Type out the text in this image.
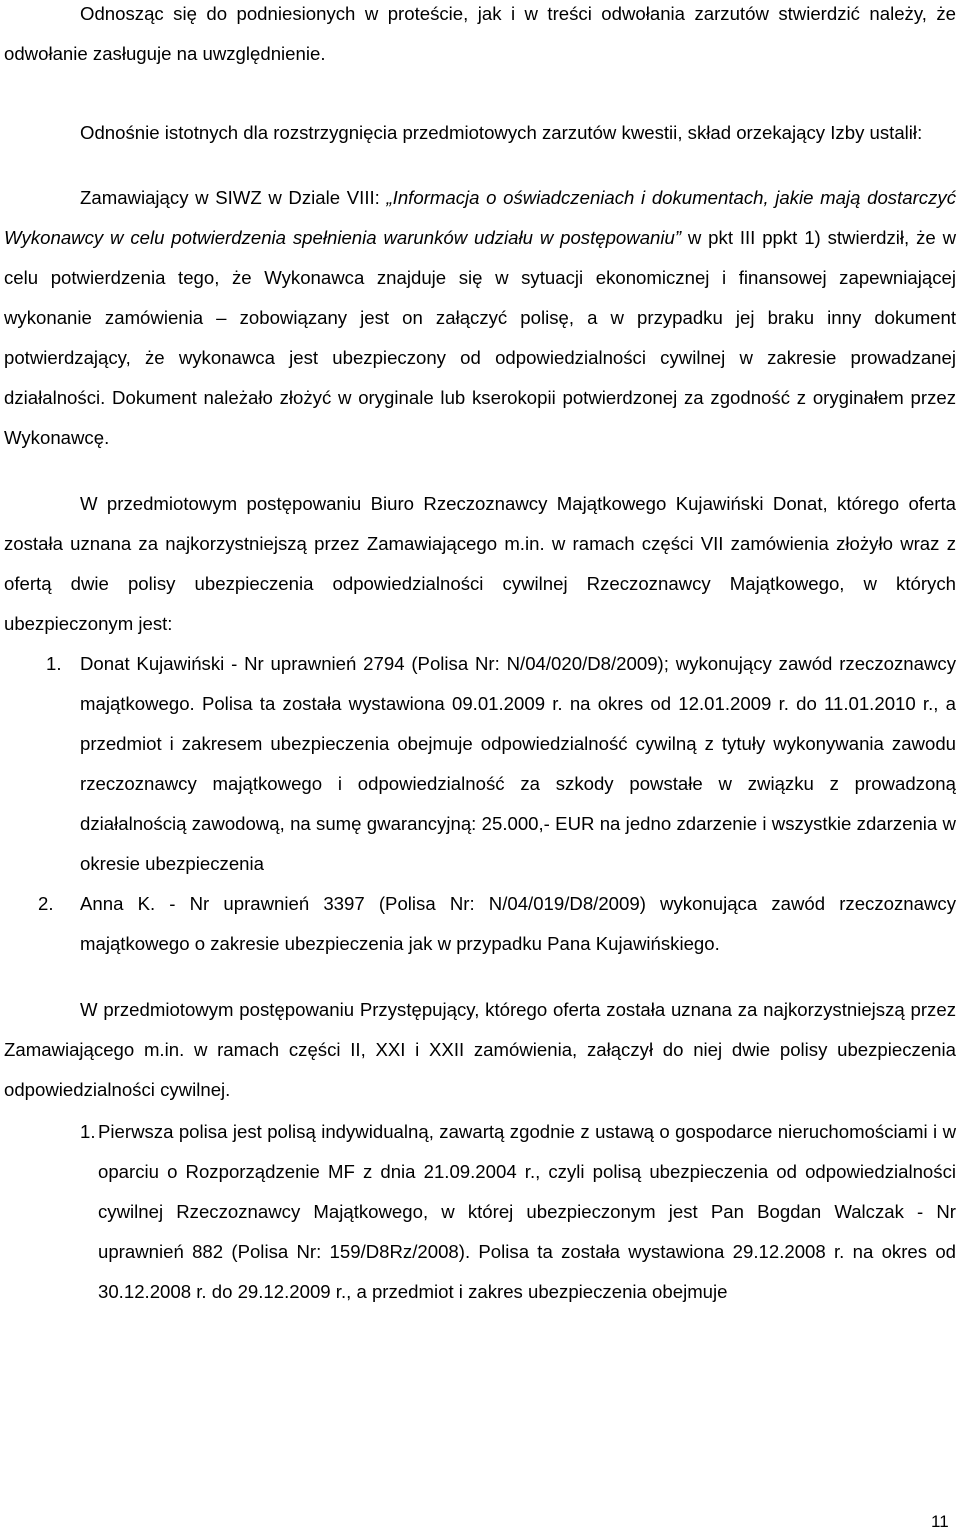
Odnosząc się do podniesionych w proteście, jak i w treści odwołania zarzutów stwierdzić należy, że odwołanie zasługuje na uwzględnienie.

Odnośnie istotnych dla rozstrzygnięcia przedmiotowych zarzutów kwestii, skład orzekający Izby ustalił:

Zamawiający w SIWZ w Dziale VIII: „Informacja o oświadczeniach i dokumentach, jakie mają dostarczyć Wykonawcy w celu potwierdzenia spełnienia warunków udziału w postępowaniu” w pkt III ppkt 1) stwierdził, że w celu potwierdzenia tego, że Wykonawca znajduje się w sytuacji ekonomicznej i finansowej zapewniającej wykonanie zamówienia – zobowiązany jest on załączyć polisę, a w przypadku jej braku inny dokument potwierdzający, że wykonawca jest ubezpieczony od odpowiedzialności cywilnej w zakresie prowadzanej działalności. Dokument należało złożyć w oryginale lub kserokopii potwierdzonej za zgodność z oryginałem przez Wykonawcę.

W przedmiotowym postępowaniu Biuro Rzeczoznawcy Majątkowego Kujawiński Donat, którego oferta została uznana za najkorzystniejszą przez Zamawiającego m.in. w ramach części VII zamówienia złożyło wraz z ofertą dwie polisy ubezpieczenia odpowiedzialności cywilnej Rzeczoznawcy Majątkowego, w których ubezpieczonym jest:

1. Donat Kujawiński - Nr uprawnień 2794 (Polisa Nr: N/04/020/D8/2009); wykonujący zawód rzeczoznawcy majątkowego. Polisa ta została wystawiona 09.01.2009 r. na okres od 12.01.2009 r. do 11.01.2010 r., a przedmiot i zakresem ubezpieczenia obejmuje odpowiedzialność cywilną z tytuły wykonywania zawodu rzeczoznawcy majątkowego i odpowiedzialność za szkody powstałe w związku z prowadzoną działalnością zawodową, na sumę gwarancyjną: 25.000,- EUR na jedno zdarzenie i wszystkie zdarzenia w okresie ubezpieczenia
2. Anna K. - Nr uprawnień 3397 (Polisa Nr: N/04/019/D8/2009) wykonująca zawód rzeczoznawcy majątkowego o zakresie ubezpieczenia jak w przypadku Pana Kujawińskiego.

W przedmiotowym postępowaniu Przystępujący, którego oferta została uznana za najkorzystniejszą przez Zamawiającego m.in. w ramach części II, XXI i XXII zamówienia, załączył do niej dwie polisy ubezpieczenia odpowiedzialności cywilnej.

1. Pierwsza polisa jest polisą indywidualną, zawartą zgodnie z ustawą o gospodarce nieruchomościami i w oparciu o Rozporządzenie MF z dnia 21.09.2004 r., czyli polisą ubezpieczenia od odpowiedzialności cywilnej Rzeczoznawcy Majątkowego, w której ubezpieczonym jest Pan Bogdan Walczak - Nr uprawnień 882 (Polisa Nr: 159/D8Rz/2008). Polisa ta została wystawiona 29.12.2008 r. na okres od 30.12.2008 r. do 29.12.2009 r., a przedmiot i zakres ubezpieczenia obejmuje
11
